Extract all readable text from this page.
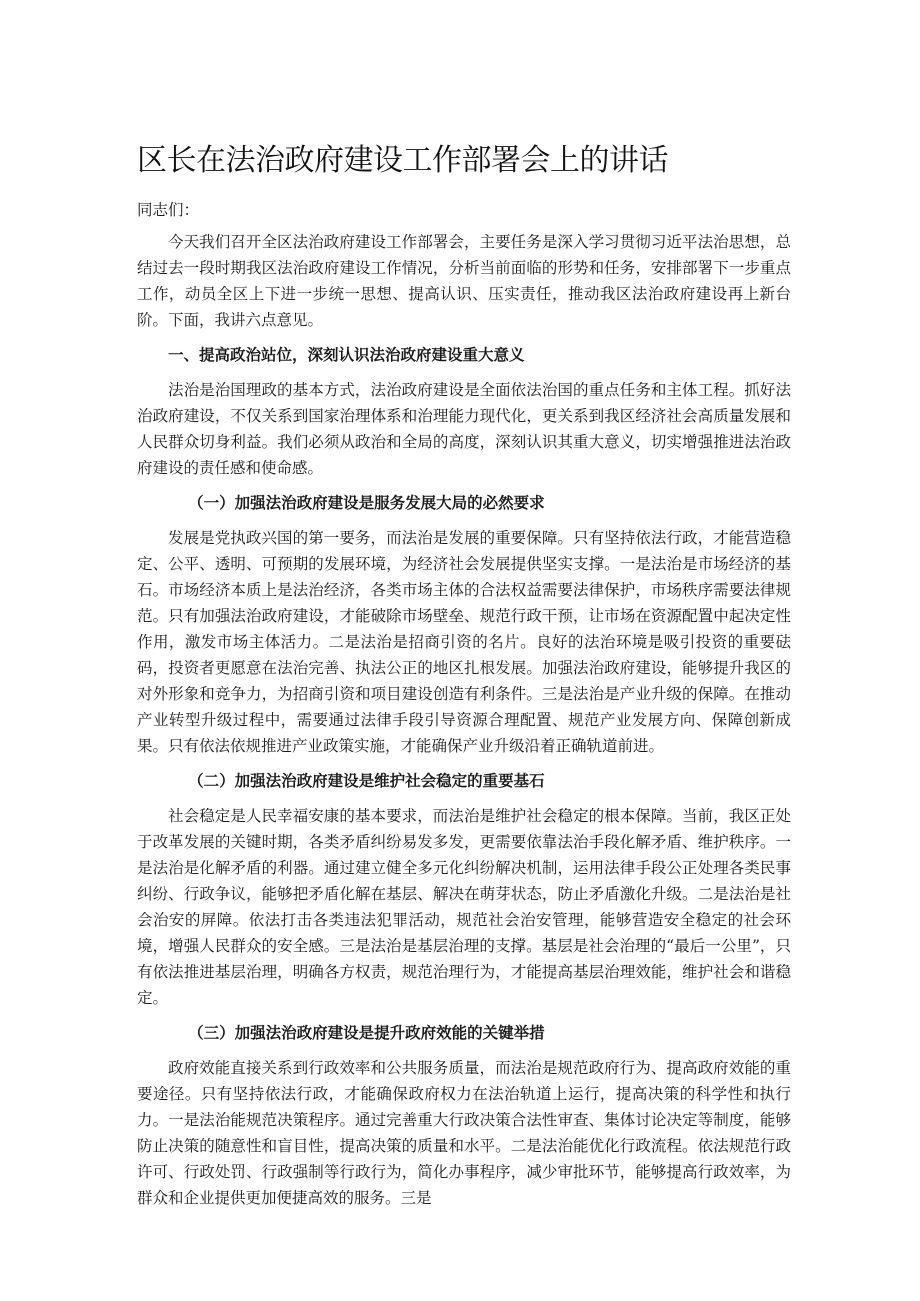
区长在法治政府建设工作部署会上的讲话

同志们：

今天我们召开全区法治政府建设工作部署会，主要任务是深入学习贯彻习近平法治思想，总结过去一段时期我区法治政府建设工作情况，分析当前面临的形势和任务，安排部署下一步重点工作，动员全区上下进一步统一思想、提高认识、压实责任，推动我区法治政府建设再上新台阶。下面，我讲六点意见。

一、提高政治站位，深刻认识法治政府建设重大意义

法治是治国理政的基本方式，法治政府建设是全面依法治国的重点任务和主体工程。抓好法治政府建设，不仅关系到国家治理体系和治理能力现代化，更关系到我区经济社会高质量发展和人民群众切身利益。我们必须从政治和全局的高度，深刻认识其重大意义，切实增强推进法治政府建设的责任感和使命感。

（一）加强法治政府建设是服务发展大局的必然要求

发展是党执政兴国的第一要务，而法治是发展的重要保障。只有坚持依法行政，才能营造稳定、公平、透明、可预期的发展环境，为经济社会发展提供坚实支撑。一是法治是市场经济的基石。市场经济本质上是法治经济，各类市场主体的合法权益需要法律保护，市场秩序需要法律规范。只有加强法治政府建设，才能破除市场壁垒、规范行政干预，让市场在资源配置中起决定性作用，激发市场主体活力。二是法治是招商引资的名片。良好的法治环境是吸引投资的重要砝码，投资者更愿意在法治完善、执法公正的地区扎根发展。加强法治政府建设，能够提升我区的对外形象和竞争力，为招商引资和项目建设创造有利条件。三是法治是产业升级的保障。在推动产业转型升级过程中，需要通过法律手段引导资源合理配置、规范产业发展方向、保障创新成果。只有依法依规推进产业政策实施，才能确保产业升级沿着正确轨道前进。

（二）加强法治政府建设是维护社会稳定的重要基石

社会稳定是人民幸福安康的基本要求，而法治是维护社会稳定的根本保障。当前，我区正处于改革发展的关键时期，各类矛盾纠纷易发多发，更需要依靠法治手段化解矛盾、维护秩序。一是法治是化解矛盾的利器。通过建立健全多元化纠纷解决机制，运用法律手段公正处理各类民事纠纷、行政争议，能够把矛盾化解在基层、解决在萌芽状态，防止矛盾激化升级。二是法治是社会治安的屏障。依法打击各类违法犯罪活动，规范社会治安管理，能够营造安全稳定的社会环境，增强人民群众的安全感。三是法治是基层治理的支撑。基层是社会治理的“最后一公里”，只有依法推进基层治理，明确各方权责，规范治理行为，才能提高基层治理效能，维护社会和谐稳定。

（三）加强法治政府建设是提升政府效能的关键举措

政府效能直接关系到行政效率和公共服务质量，而法治是规范政府行为、提高政府效能的重要途径。只有坚持依法行政，才能确保政府权力在法治轨道上运行，提高决策的科学性和执行力。一是法治能规范决策程序。通过完善重大行政决策合法性审查、集体讨论决定等制度，能够防止决策的随意性和盲目性，提高决策的质量和水平。二是法治能优化行政流程。依法规范行政许可、行政处罚、行政强制等行政行为，简化办事程序，减少审批环节，能够提高行政效率，为群众和企业提供更加便捷高效的服务。三是
